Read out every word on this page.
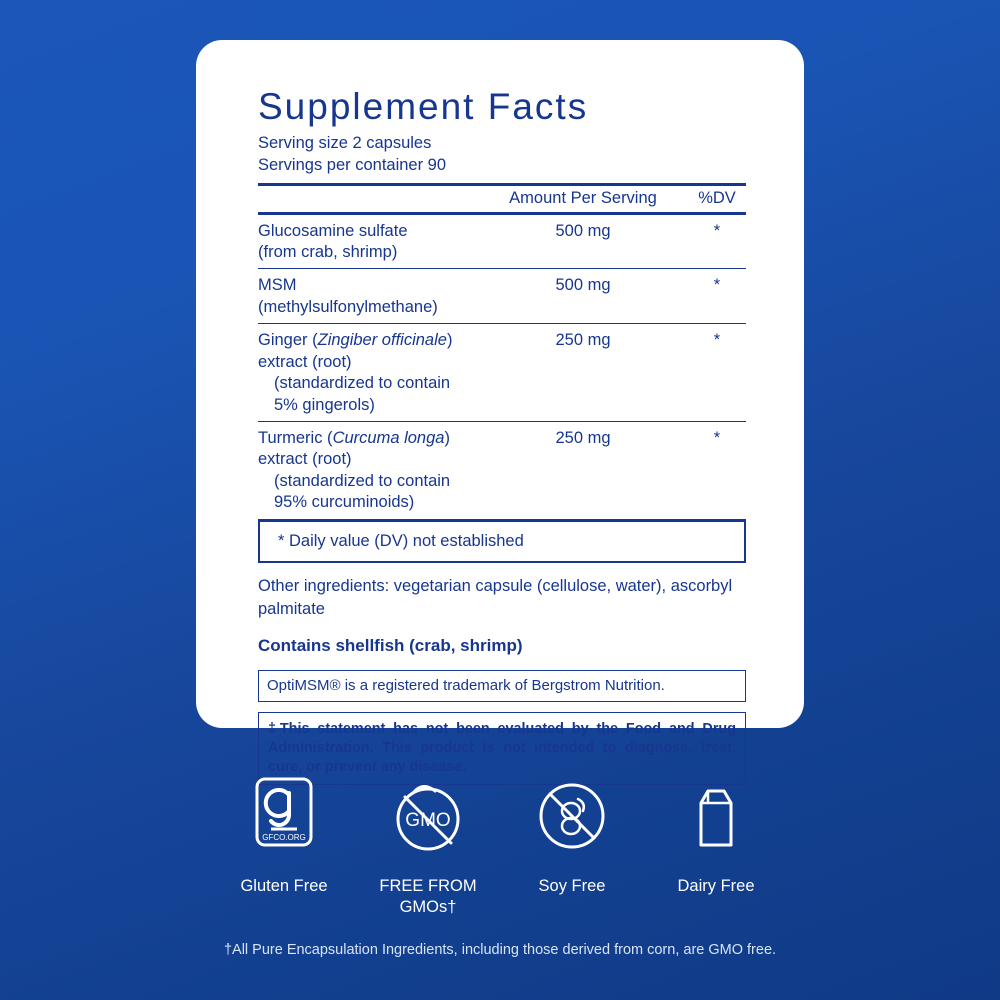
Supplement Facts
Serving size 2 capsules
Servings per container 90
Amount Per Serving	%DV
Glucosamine sulfate
(from crab, shrimp)
500 mg	*
MSM (methylsulfonylmethane)
500 mg	*
Ginger (Zingiber officinale)
extract (root)
(standardized to contain 5% gingerols)
250 mg	*
Turmeric (Curcuma longa)
extract (root)
(standardized to contain 95% curcuminoids)
250 mg	*
* Daily value (DV) not established
Other ingredients: vegetarian capsule (cellulose, water), ascorbyl palmitate
Contains shellfish (crab, shrimp)
OptiMSM® is a registered trademark of Bergstrom Nutrition.
‡This statement has not been evaluated by the Food and Drug Administration. This product is not intended to diagnose, treat, cure, or prevent any disease.
GFCO.ORG
Gluten Free
GMO
FREE FROM GMOs†
Soy Free	Dairy Free
†All Pure Encapsulation Ingredients, including those derived from corn, are GMO free.
